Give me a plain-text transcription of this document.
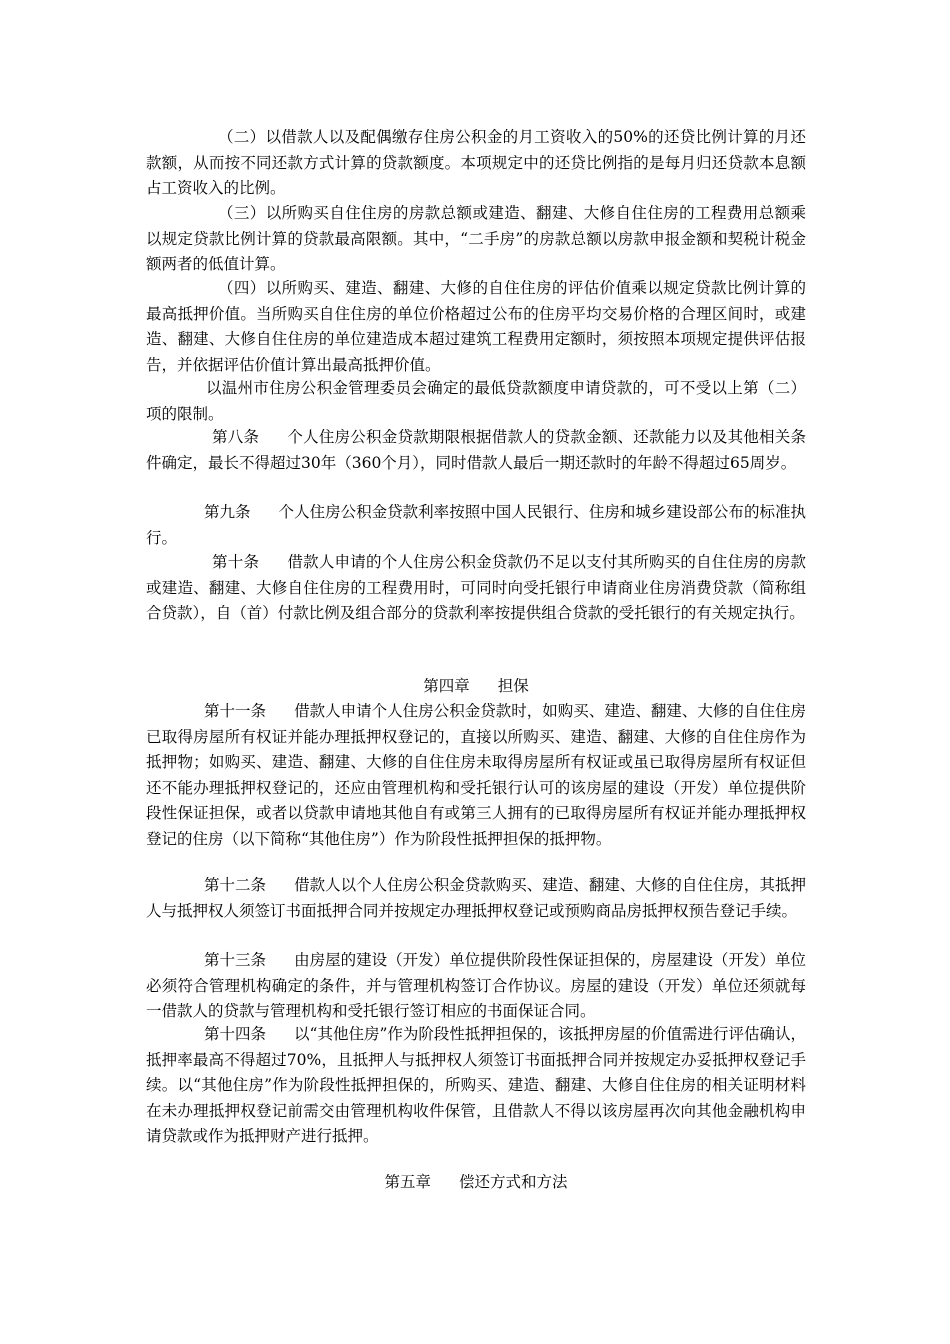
（二）以借款人以及配偶缴存住房公积金的月工资收入的50%的还贷比例计算的月还款额，从而按不同还款方式计算的贷款额度。本项规定中的还贷比例指的是每月归还贷款本息额占工资收入的比例。

（三）以所购买自住住房的房款总额或建造、翻建、大修自住住房的工程费用总额乘以规定贷款比例计算的贷款最高限额。其中，“二手房”的房款总额以房款申报金额和契税计税金额两者的低值计算。

（四）以所购买、建造、翻建、大修的自住住房的评估价值乘以规定贷款比例计算的最高抵押价值。当所购买自住住房的单位价格超过公布的住房平均交易价格的合理区间时，或建造、翻建、大修自住住房的单位建造成本超过建筑工程费用定额时，须按照本项规定提供评估报告，并依据评估价值计算出最高抵押价值。

以温州市住房公积金管理委员会确定的最低贷款额度申请贷款的，可不受以上第（二）项的限制。

第八条 个人住房公积金贷款期限根据借款人的贷款金额、还款能力以及其他相关条件确定，最长不得超过30年（360个月），同时借款人最后一期还款时的年龄不得超过65周岁。

第九条 个人住房公积金贷款利率按照中国人民银行、住房和城乡建设部公布的标准执行。

第十条 借款人申请的个人住房公积金贷款仍不足以支付其所购买的自住住房的房款或建造、翻建、大修自住住房的工程费用时，可同时向受托银行申请商业住房消费贷款（简称组合贷款），自（首）付款比例及组合部分的贷款利率按提供组合贷款的受托银行的有关规定执行。

第四章 担保

第十一条 借款人申请个人住房公积金贷款时，如购买、建造、翻建、大修的自住住房已取得房屋所有权证并能办理抵押权登记的，直接以所购买、建造、翻建、大修的自住住房作为抵押物；如购买、建造、翻建、大修的自住住房未取得房屋所有权证或虽已取得房屋所有权证但还不能办理抵押权登记的，还应由管理机构和受托银行认可的该房屋的建设（开发）单位提供阶段性保证担保，或者以贷款申请地其他自有或第三人拥有的已取得房屋所有权证并能办理抵押权登记的住房（以下简称“其他住房”）作为阶段性抵押担保的抵押物。

第十二条 借款人以个人住房公积金贷款购买、建造、翻建、大修的自住住房，其抵押人与抵押权人须签订书面抵押合同并按规定办理抵押权登记或预购商品房抵押权预告登记手续。

第十三条 由房屋的建设（开发）单位提供阶段性保证担保的，房屋建设（开发）单位必须符合管理机构确定的条件，并与管理机构签订合作协议。房屋的建设（开发）单位还须就每一借款人的贷款与管理机构和受托银行签订相应的书面保证合同。

第十四条 以“其他住房”作为阶段性抵押担保的，该抵押房屋的价值需进行评估确认，抵押率最高不得超过70%，且抵押人与抵押权人须签订书面抵押合同并按规定办妥抵押权登记手续。以“其他住房”作为阶段性抵押担保的，所购买、建造、翻建、大修自住住房的相关证明材料在未办理抵押权登记前需交由管理机构收件保管，且借款人不得以该房屋再次向其他金融机构申请贷款或作为抵押财产进行抵押。

第五章 偿还方式和方法
